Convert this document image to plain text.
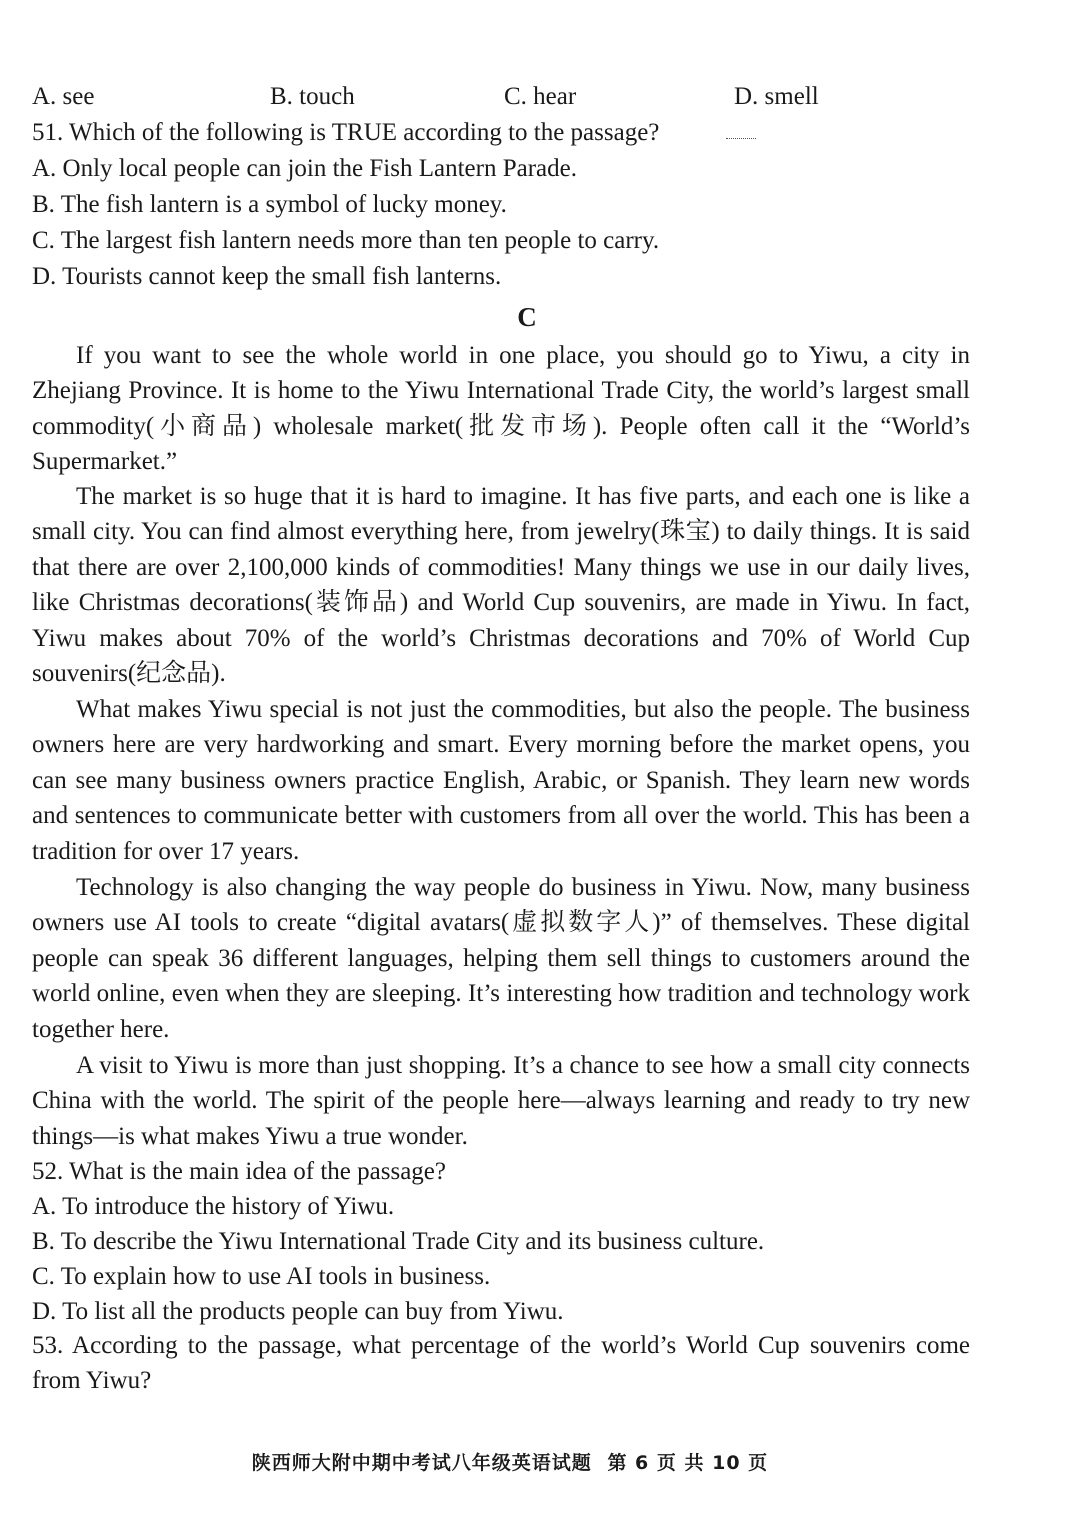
A. see	B. touch	C. hear	D. smell
51. Which of the following is TRUE according to the passage?
A. Only local people can join the Fish Lantern Parade.
B. The fish lantern is a symbol of lucky money.
C. The largest fish lantern needs more than ten people to carry.
D. Tourists cannot keep the small fish lanterns.
C
If you want to see the whole world in one place, you should go to Yiwu, a city in Zhejiang Province. It is home to the Yiwu International Trade City, the world’s largest small commodity(小商品) wholesale market(批发市场). People often call it the “World’s Supermarket.”
The market is so huge that it is hard to imagine. It has five parts, and each one is like a small city. You can find almost everything here, from jewelry(珠宝) to daily things. It is said that there are over 2,100,000 kinds of commodities! Many things we use in our daily lives, like Christmas decorations(装饰品) and World Cup souvenirs, are made in Yiwu. In fact, Yiwu makes about 70% of the world’s Christmas decorations and 70% of World Cup souvenirs(纪念品).
What makes Yiwu special is not just the commodities, but also the people. The business owners here are very hardworking and smart. Every morning before the market opens, you can see many business owners practice English, Arabic, or Spanish. They learn new words and sentences to communicate better with customers from all over the world. This has been a tradition for over 17 years.
Technology is also changing the way people do business in Yiwu. Now, many business owners use AI tools to create “digital avatars(虚拟数字人)” of themselves. These digital people can speak 36 different languages, helping them sell things to customers around the world online, even when they are sleeping. It’s interesting how tradition and technology work together here.
A visit to Yiwu is more than just shopping. It’s a chance to see how a small city connects China with the world. The spirit of the people here—always learning and ready to try new things—is what makes Yiwu a true wonder.
52. What is the main idea of the passage?
A. To introduce the history of Yiwu.
B. To describe the Yiwu International Trade City and its business culture.
C. To explain how to use AI tools in business.
D. To list all the products people can buy from Yiwu.
53. According to the passage, what percentage of the world’s World Cup souvenirs come from Yiwu?
陕西师大附中期中考试八年级英语试题 第 6 页 共 10 页
